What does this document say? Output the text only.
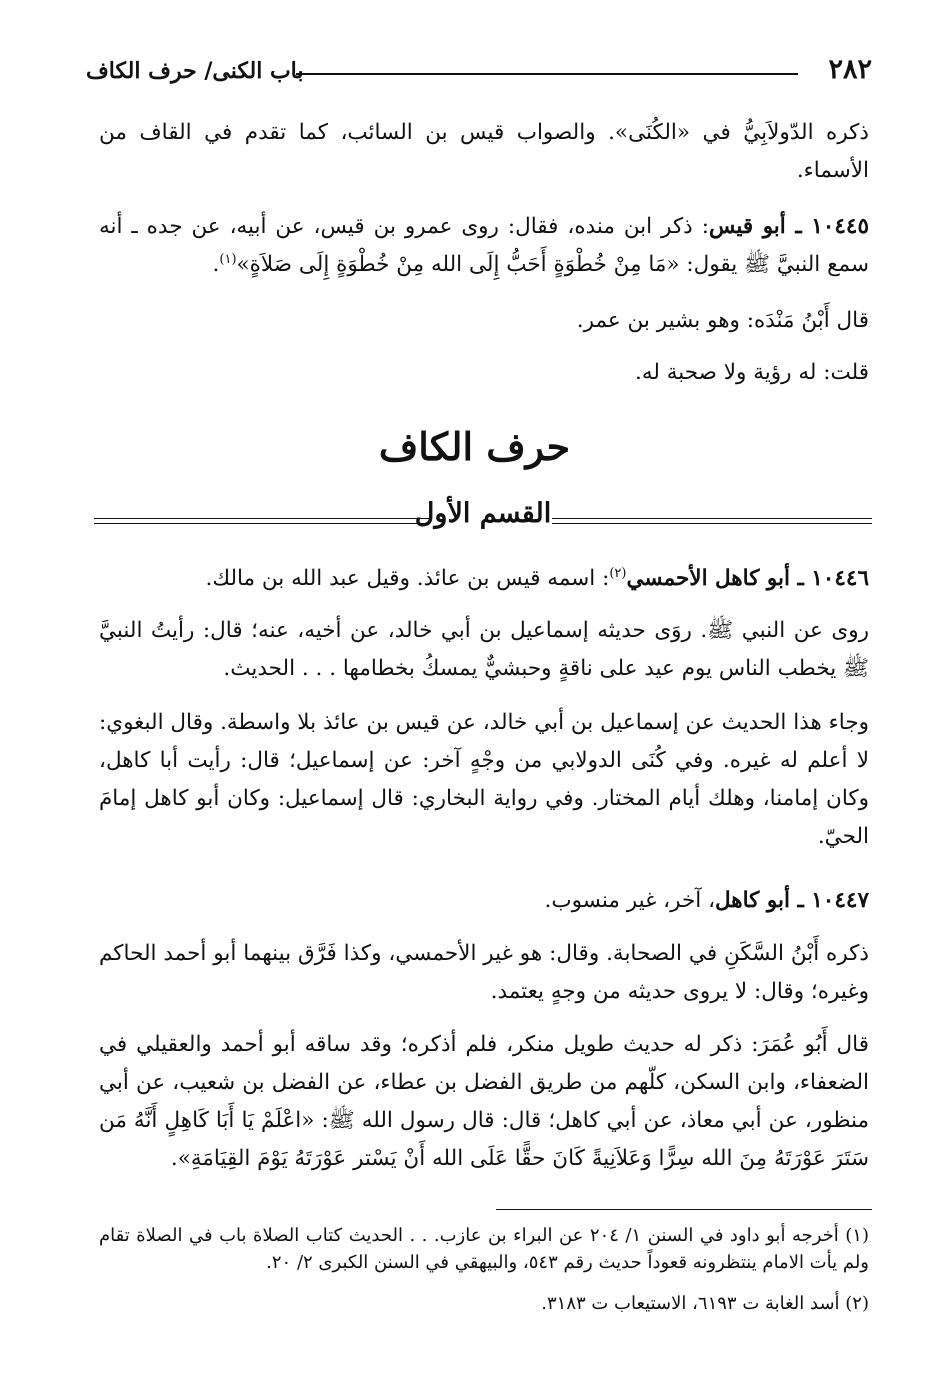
٢٨٢
باب الكنى/ حرف الكاف

ذكره الدّولاَبِيُّ في «الكُنَى». والصواب قيس بن السائب، كما تقدم في القاف من الأسماء.

١٠٤٤٥ ـ أبو قيس: ذكر ابن منده، فقال: روى عمرو بن قيس، عن أبيه، عن جده ـ أنه سمع النبيَّ ﷺ يقول: «مَا مِنْ خُطْوَةٍ أَحَبُّ إِلَى الله مِنْ خُطْوَةٍ إِلَى صَلاَةٍ»$^{(١)}$.

قال أَبْنُ مَنْدَه: وهو بشير بن عمر.

قلت: له رؤية ولا صحبة له.

حرف الكاف
القسم الأول

١٠٤٤٦ ـ أبو كاهل الأحمسي$^{(٢)}$: اسمه قيس بن عائذ. وقيل عبد الله بن مالك.

روى عن النبي ﷺ. روَى حديثه إسماعيل بن أبي خالد، عن أخيه، عنه؛ قال: رأيتُ النبيَّ ﷺ يخطب الناس يوم عيد على ناقةٍ وحبشيٌّ يمسكُ بخطامها . . . الحديث.

وجاء هذا الحديث عن إسماعيل بن أبي خالد، عن قيس بن عائذ بلا واسطة. وقال البغوي: لا أعلم له غيره. وفي كُنَى الدولابي من وجْهٍ آخر: عن إسماعيل؛ قال: رأيت أبا كاهل، وكان إمامنا، وهلك أيام المختار. وفي رواية البخاري: قال إسماعيل: وكان أبو كاهل إمامَ الحيّ.

١٠٤٤٧ ـ أبو كاهل، آخر، غير منسوب.

ذكره أَبْنُ السَّكَنِ في الصحابة. وقال: هو غير الأحمسي، وكذا فَرَّق بينهما أبو أحمد الحاكم وغيره؛ وقال: لا يروى حديثه من وجهٍ يعتمد.

قال أَبُو عُمَرَ: ذكر له حديث طويل منكر، فلم أذكره؛ وقد ساقه أبو أحمد والعقيلي في الضعفاء، وابن السكن، كلّهم من طريق الفضل بن عطاء، عن الفضل بن شعيب، عن أبي منظور، عن أبي معاذ، عن أبي كاهل؛ قال: قال رسول الله ﷺ: «اعْلَمْ يَا أَبَا كَاهِلٍ أَنَّهُ مَن سَتَرَ عَوْرَتَهُ مِنَ الله سِرًّا وَعَلاَنِيةً كَانَ حقًّا عَلَى الله أَنْ يَسْتر عَوْرَتَهُ يَوْمَ القِيَامَةِ».

(١) أخرجه أبو داود في السنن ١/ ٢٠٤ عن البراء بن عازب. . . الحديث كتاب الصلاة باب في الصلاة تقام ولم يأت الامام ينتظرونه قعوداً حديث رقم ٥٤٣، والبيهقي في السنن الكبرى ٢/ ٢٠.

(٢) أسد الغابة ت ٦١٩٣، الاستيعاب ت ٣١٨٣.
